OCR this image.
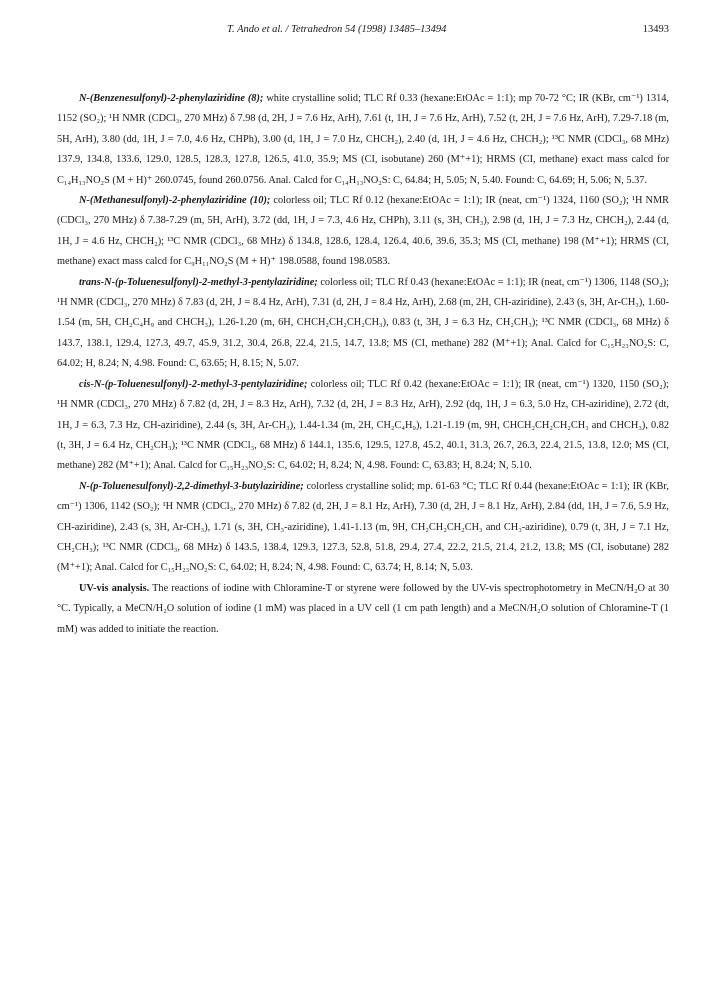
T. Ando et al. / Tetrahedron 54 (1998) 13485–13494	13493

N-(Benzenesulfonyl)-2-phenylaziridine (8); white crystalline solid; TLC Rf 0.33 (hexane:EtOAc = 1:1); mp 70-72 °C; IR (KBr, cm⁻¹) 1314, 1152 (SO₂); ¹H NMR (CDCl₃, 270 MHz) δ 7.98 (d, 2H, J = 7.6 Hz, ArH), 7.61 (t, 1H, J = 7.6 Hz, ArH), 7.52 (t, 2H, J = 7.6 Hz, ArH), 7.29-7.18 (m, 5H, ArH), 3.80 (dd, 1H, J = 7.0, 4.6 Hz, CHPh), 3.00 (d, 1H, J = 7.0 Hz, CHCH₂), 2.40 (d, 1H, J = 4.6 Hz, CHCH₂); ¹³C NMR (CDCl₃, 68 MHz) 137.9, 134.8, 133.6, 129.0, 128.5, 128.3, 127.8, 126.5, 41.0, 35.9; MS (CI, isobutane) 260 (M⁺+1); HRMS (CI, methane) exact mass calcd for C₁₄H₁₃NO₂S (M + H)⁺ 260.0745, found 260.0756. Anal. Calcd for C₁₄H₁₃NO₂S: C, 64.84; H, 5.05; N, 5.40. Found: C, 64.69; H, 5.06; N, 5.37.

N-(Methanesulfonyl)-2-phenylaziridine (10); colorless oil; TLC Rf 0.12 (hexane:EtOAc = 1:1); IR (neat, cm⁻¹) 1324, 1160 (SO₂); ¹H NMR (CDCl₃, 270 MHz) δ 7.38-7.29 (m, 5H, ArH), 3.72 (dd, 1H, J = 7.3, 4.6 Hz, CHPh), 3.11 (s, 3H, CH₃), 2.98 (d, 1H, J = 7.3 Hz, CHCH₂), 2.44 (d, 1H, J = 4.6 Hz, CHCH₂); ¹³C NMR (CDCl₃, 68 MHz) δ 134.8, 128.6, 128.4, 126.4, 40.6, 39.6, 35.3; MS (CI, methane) 198 (M⁺+1); HRMS (CI, methane) exact mass calcd for C₉H₁₁NO₂S (M + H)⁺ 198.0588, found 198.0583.

trans-N-(p-Toluenesulfonyl)-2-methyl-3-pentylaziridine; colorless oil; TLC Rf 0.43 (hexane:EtOAc = 1:1); IR (neat, cm⁻¹) 1306, 1148 (SO₂); ¹H NMR (CDCl₃, 270 MHz) δ 7.83 (d, 2H, J = 8.4 Hz, ArH), 7.31 (d, 2H, J = 8.4 Hz, ArH), 2.68 (m, 2H, CH-aziridine), 2.43 (s, 3H, Ar-CH₃), 1.60-1.54 (m, 5H, CH₂C₄H₉ and CHCH₃), 1.26-1.20 (m, 6H, CHCH₂CH₂CH₂CH₃), 0.83 (t, 3H, J = 6.3 Hz, CH₂CH₃); ¹³C NMR (CDCl₃, 68 MHz) δ 143.7, 138.1, 129.4, 127.3, 49.7, 45.9, 31.2, 30.4, 26.8, 22.4, 21.5, 14.7, 13.8; MS (CI, methane) 282 (M⁺+1); Anal. Calcd for C₁₅H₂₃NO₂S: C, 64.02; H, 8.24; N, 4.98. Found: C, 63.65; H, 8.15; N, 5.07.

cis-N-(p-Toluenesulfonyl)-2-methyl-3-pentylaziridine; colorless oil; TLC Rf 0.42 (hexane:EtOAc = 1:1); IR (neat, cm⁻¹) 1320, 1150 (SO₂); ¹H NMR (CDCl₃, 270 MHz) δ 7.82 (d, 2H, J = 8.3 Hz, ArH), 7.32 (d, 2H, J = 8.3 Hz, ArH), 2.92 (dq, 1H, J = 6.3, 5.0 Hz, CH-aziridine), 2.72 (dt, 1H, J = 6.3, 7.3 Hz, CH-aziridine), 2.44 (s, 3H, Ar-CH₃), 1.44-1.34 (m, 2H, CH₂C₄H₉), 1.21-1.19 (m, 9H, CHCH₂CH₂CH₂CH₃ and CHCH₃), 0.82 (t, 3H, J = 6.4 Hz, CH₂CH₃); ¹³C NMR (CDCl₃, 68 MHz) δ 144.1, 135.6, 129.5, 127.8, 45.2, 40.1, 31.3, 26.7, 26.3, 22.4, 21.5, 13.8, 12.0; MS (CI, methane) 282 (M⁺+1); Anal. Calcd for C₁₅H₂₃NO₂S: C, 64.02; H, 8.24; N, 4.98. Found: C, 63.83; H, 8.24; N, 5.10.

N-(p-Toluenesulfonyl)-2,2-dimethyl-3-butylaziridine; colorless crystalline solid; mp. 61-63 °C; TLC Rf 0.44 (hexane:EtOAc = 1:1); IR (KBr, cm⁻¹) 1306, 1142 (SO₂); ¹H NMR (CDCl₃, 270 MHz) δ 7.82 (d, 2H, J = 8.1 Hz, ArH), 7.30 (d, 2H, J = 8.1 Hz, ArH), 2.84 (dd, 1H, J = 7.6, 5.9 Hz, CH-aziridine), 2.43 (s, 3H, Ar-CH₃), 1.71 (s, 3H, CH₃-aziridine), 1.41-1.13 (m, 9H, CH₂CH₂CH₂CH₃ and CH₃-aziridine), 0.79 (t, 3H, J = 7.1 Hz, CH₂CH₃); ¹³C NMR (CDCl₃, 68 MHz) δ 143.5, 138.4, 129.3, 127.3, 52.8, 51.8, 29.4, 27.4, 22.2, 21.5, 21.4, 21.2, 13.8; MS (CI, isobutane) 282 (M⁺+1); Anal. Calcd for C₁₅H₂₃NO₂S: C, 64.02; H, 8.24; N, 4.98. Found: C, 63.74; H, 8.14; N, 5.03.

UV-vis analysis. The reactions of iodine with Chloramine-T or styrene were followed by the UV-vis spectrophotometry in MeCN/H₂O at 30 °C. Typically, a MeCN/H₂O solution of iodine (1 mM) was placed in a UV cell (1 cm path length) and a MeCN/H₂O solution of Chloramine-T (1 mM) was added to initiate the reaction.
